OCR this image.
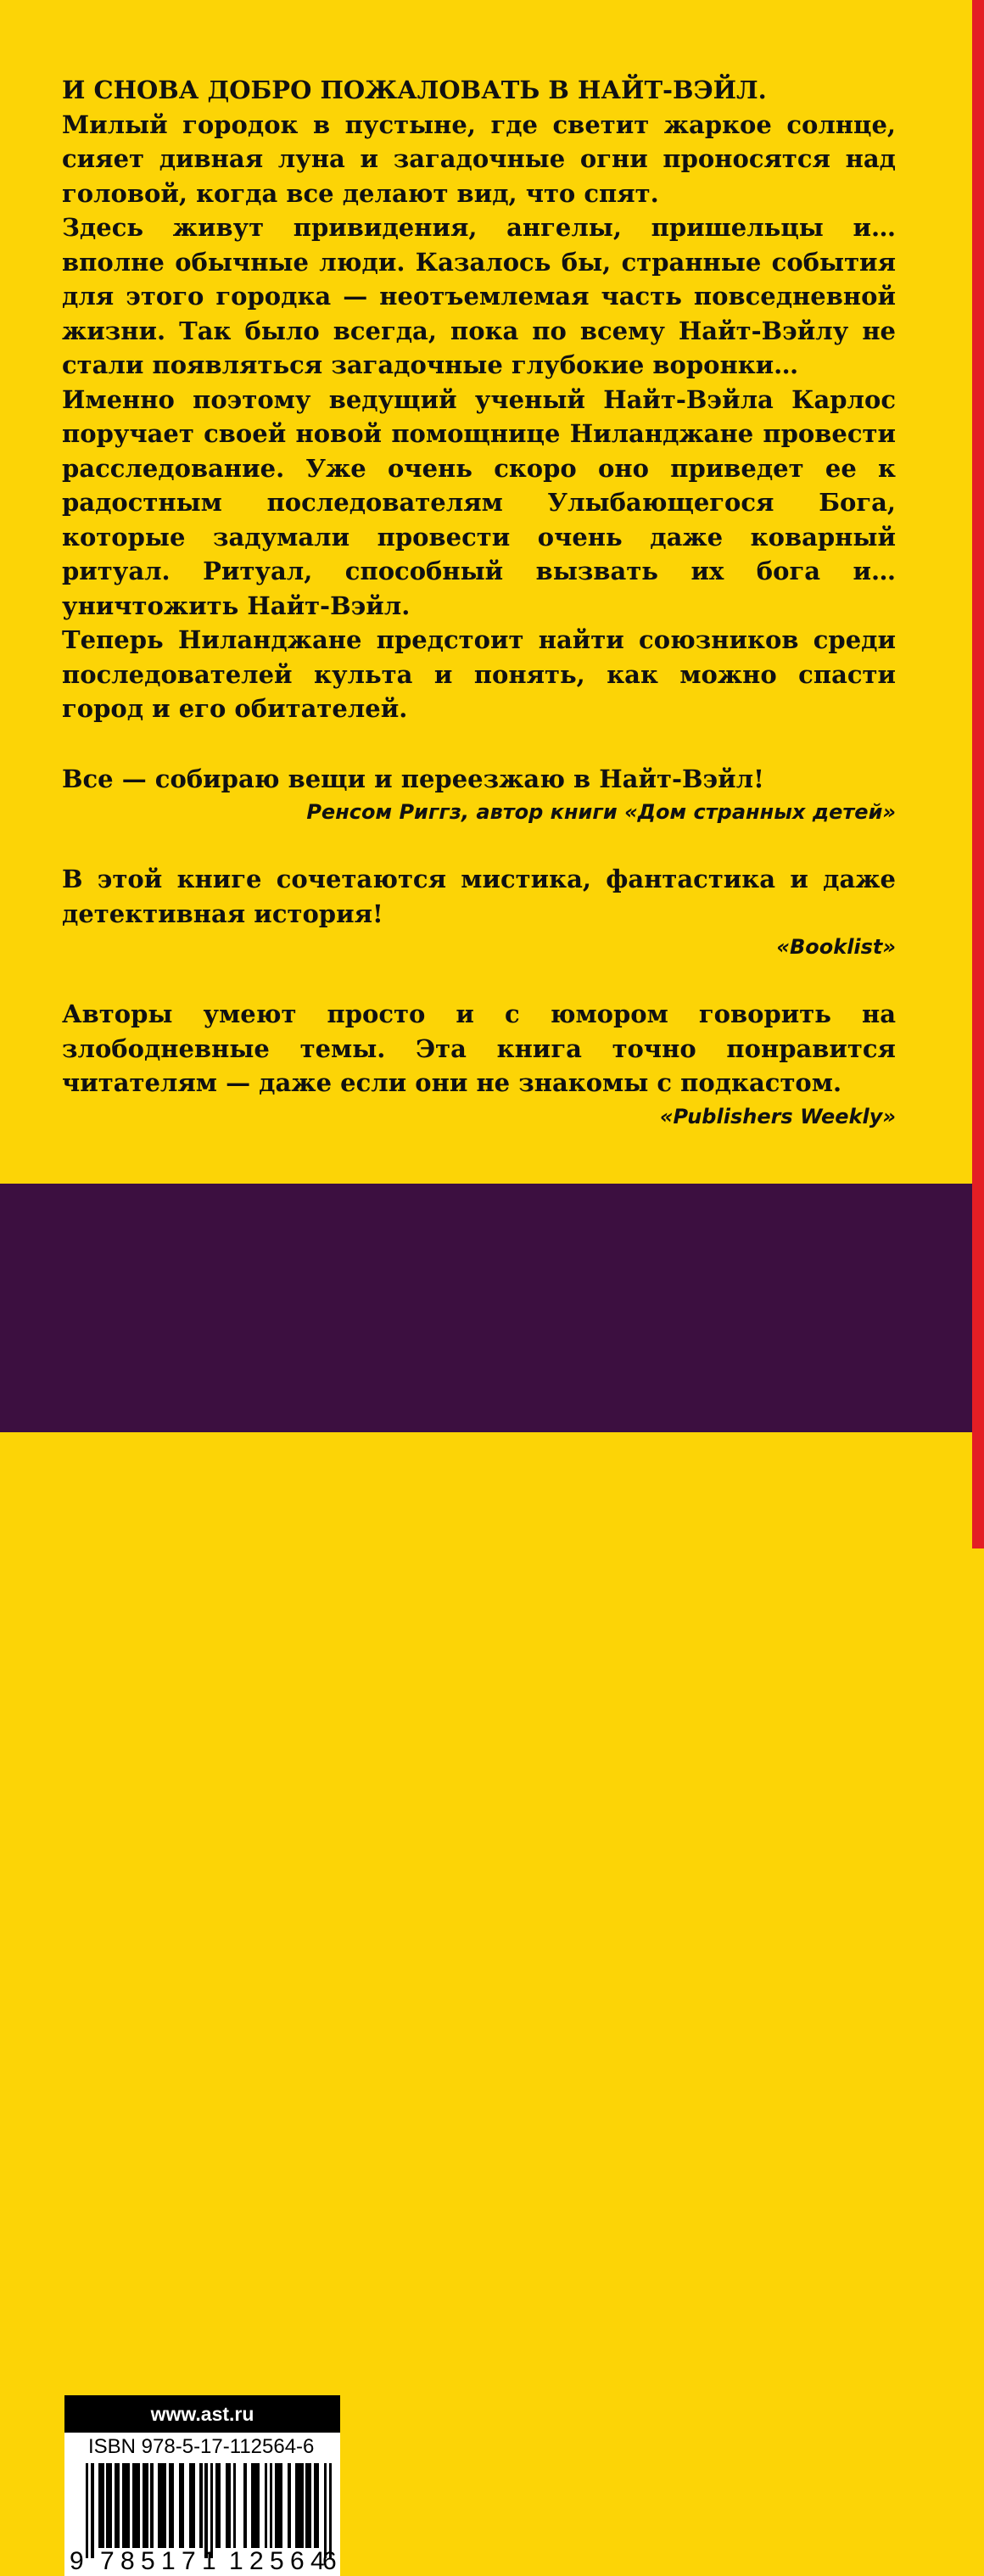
И СНОВА ДОБРО ПОЖАЛОВАТЬ В НАЙТ-ВЭЙЛ.

Милый городок в пустыне, где светит жаркое солнце, сияет дивная луна и загадочные огни проносятся над головой, когда все делают вид, что спят.

Здесь живут привидения, ангелы, пришельцы и… вполне обычные люди. Казалось бы, странные события для этого городка — неотъемлемая часть повседневной жизни. Так было всегда, пока по всему Найт-Вэйлу не стали появляться загадочные глубокие воронки…

Именно поэтому ведущий ученый Найт-Вэйла Карлос поручает своей новой помощнице Ниланджане провести расследование. Уже очень скоро оно приведет ее к радостным последователям Улыбающегося Бога, которые задумали провести очень даже коварный ритуал. Ритуал, способный вызвать их бога и… уничтожить Найт-Вэйл.

Теперь Ниланджане предстоит найти союзников среди последователей культа и понять, как можно спасти город и его обитателей.

Все — собираю вещи и переезжаю в Найт-Вэйл!

Ренсом Риггз, автор книги «Дом странных детей»

В этой книге сочетаются мистика, фантастика и даже детективная история!

«Booklist»

Авторы умеют просто и с юмором говорить на злободневные темы. Эта книга точно понравится читателям — даже если они не знакомы с подкастом.

«Publishers Weekly»
www.ast.ru
ISBN 978-5-17-112564-6
9 7 8 5 1 7 1 1 2 5 6 4
6
